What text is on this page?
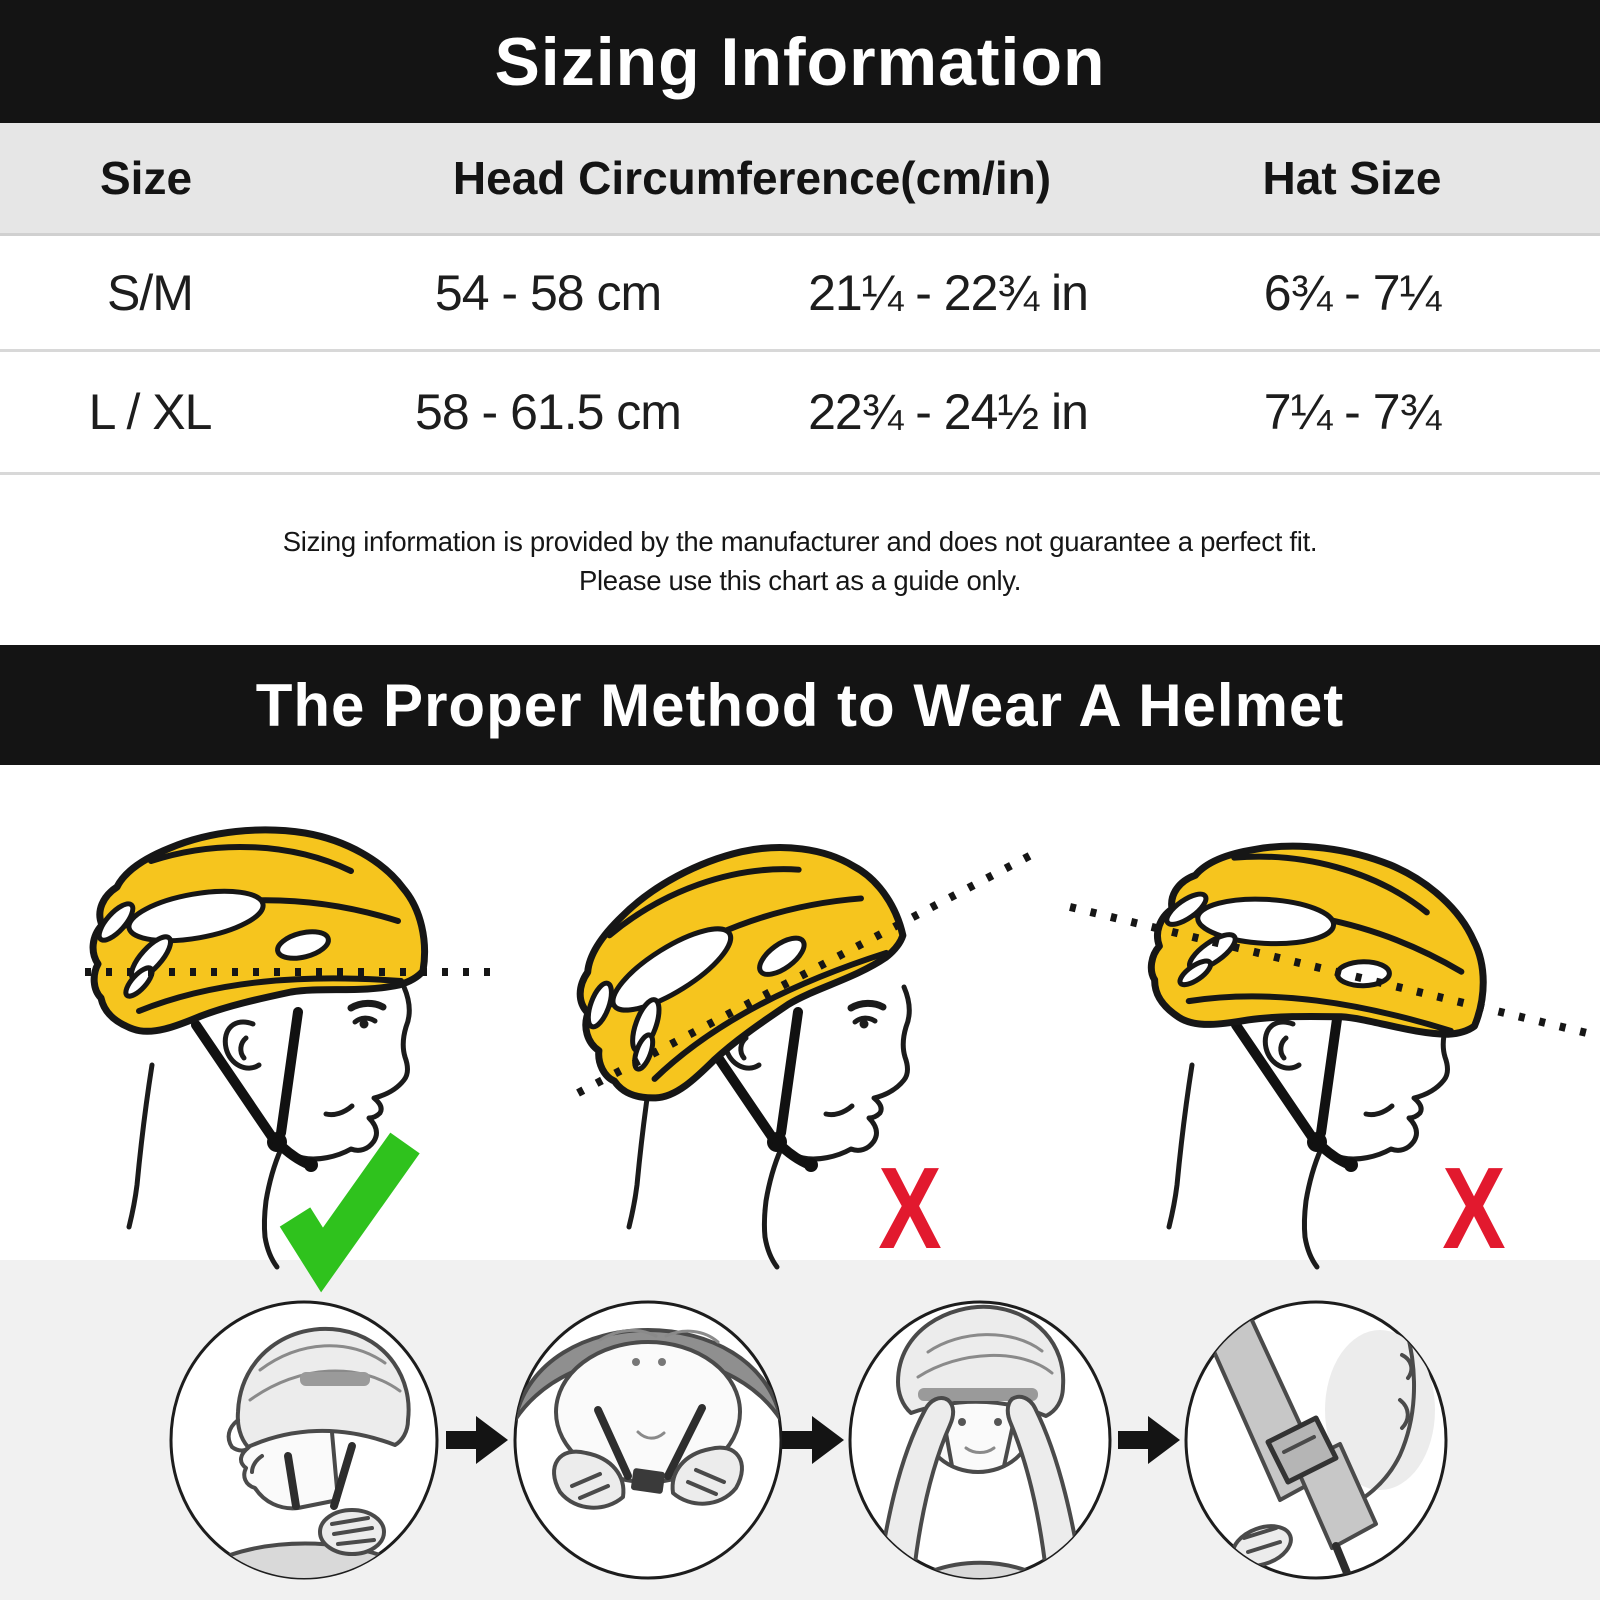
Sizing Information
Size	Head Circumference(cm/in)	Hat Size
S/M	54 - 58 cm	21¼ - 22¾ in	6¾ - 7¼
L / XL	58 - 61.5 cm	22¾ - 24½ in	7¼ - 7¾
Sizing information is provided by the manufacturer and does not guarantee a perfect fit.
Please use this chart as a guide only.
The Proper Method to Wear A Helmet
X	X
